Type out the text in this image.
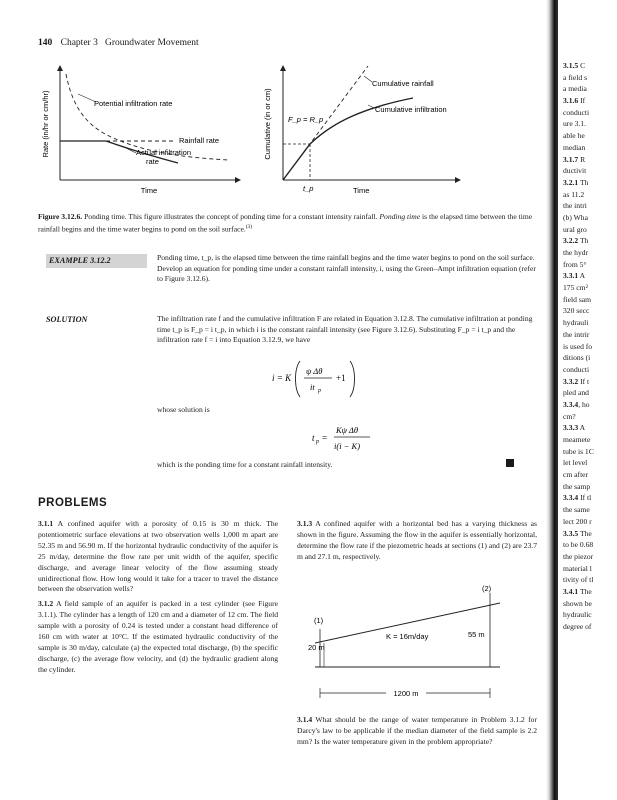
140 Chapter 3 Groundwater Movement
Rate (in/hr or cm/hr)
Time
Potential infiltration rate
Rainfall rate
Actual infiltration
rate
Cumulative (in or cm)
Time
t_p
F_p = R_p
Cumulative rainfall
Cumulative infiltration
Figure 3.12.6. Ponding time. This figure illustrates the concept of ponding time for a constant intensity rainfall. Ponding time is the elapsed time between the time rainfall begins and the time water begins to pond on the soil surface.$^{(3)}$
EXAMPLE 3.12.2	Ponding time, t_p, is the elapsed time between the time rainfall begins and the time water begins to pond on the soil surface. Develop an equation for ponding time under a constant rainfall intensity, i, using the Green–Ampt infiltration equation (refer to Figure 3.12.6).
SOLUTION	The infiltration rate f and the cumulative infiltration F are related in Equation 3.12.8. The cumulative infiltration at ponding time t_p is F_p = i t_p, in which i is the constant rainfall intensity (see Figure 3.12.6). Substituting F_p = i t_p and the infiltration rate f = i into Equation 3.12.9, we have
i = K
ψ Δθ
it p
+1
whose solution is
t p =
Kψ Δθ
i(i − K)
which is the ponding time for a constant rainfall intensity.
PROBLEMS

3.1.1 A confined aquifer with a porosity of 0.15 is 30 m thick. The potentiometric surface elevations at two observation wells 1,000 m apart are 52.35 m and 56.90 m. If the horizontal hydraulic conductivity of the aquifer is 25 m/day, determine the flow rate per unit width of the aquifer, specific discharge, and average linear velocity of the flow assuming steady unidirectional flow. How long would it take for a tracer to travel the distance between the observation wells?

3.1.2 A field sample of an aquifer is packed in a test cylinder (see Figure 3.1.1). The cylinder has a length of 120 cm and a diameter of 12 cm. The field sample with a porosity of 0.24 is tested under a constant head difference of 160 cm with water at 10°C. If the estimated hydraulic conductivity of the sample is 30 m/day, calculate (a) the expected total discharge, (b) the specific discharge, (c) the average flow velocity, and (d) the hydraulic gradient along the cylinder.

3.1.3 A confined aquifer with a horizontal bed has a varying thickness as shown in the figure. Assuming the flow in the aquifer is essentially horizontal, determine the flow rate if the piezometric heads at sections (1) and (2) are 23.7 m and 27.1 m, respectively.

(1)
(2)
K = 16m/day
20 m
55 m
1200 m

3.1.4 What should be the range of water temperature in Problem 3.1.2 for Darcy's law to be applicable if the median diameter of the field sample is 2.2 mm? Is the water temperature given in the problem appropriate?

3.1.5 C
a field s
a media
3.1.6 If
conducti
ure 3.1.
able he
median
3.1.7 R
ductivit
3.2.1 Th
as 11.2
the intri
(b) Wha
ural gro
3.2.2 Th
the hydr
from 5°
3.3.1 A
175 cm²
field sam
320 secc
hydrauli
the intrir
is used fo
ditions (i
conducti
3.3.2 If t
pled and
3.3.4, ho
cm?
3.3.3 A
meamete
tube is 1C
let level
cm after
the samp
3.3.4 If tl
the same
lect 200 r
3.3.5 The
to be 0.68
the piezor
material l
tivity of tl
3.4.1 The
shown be
hydraulic
degree of
